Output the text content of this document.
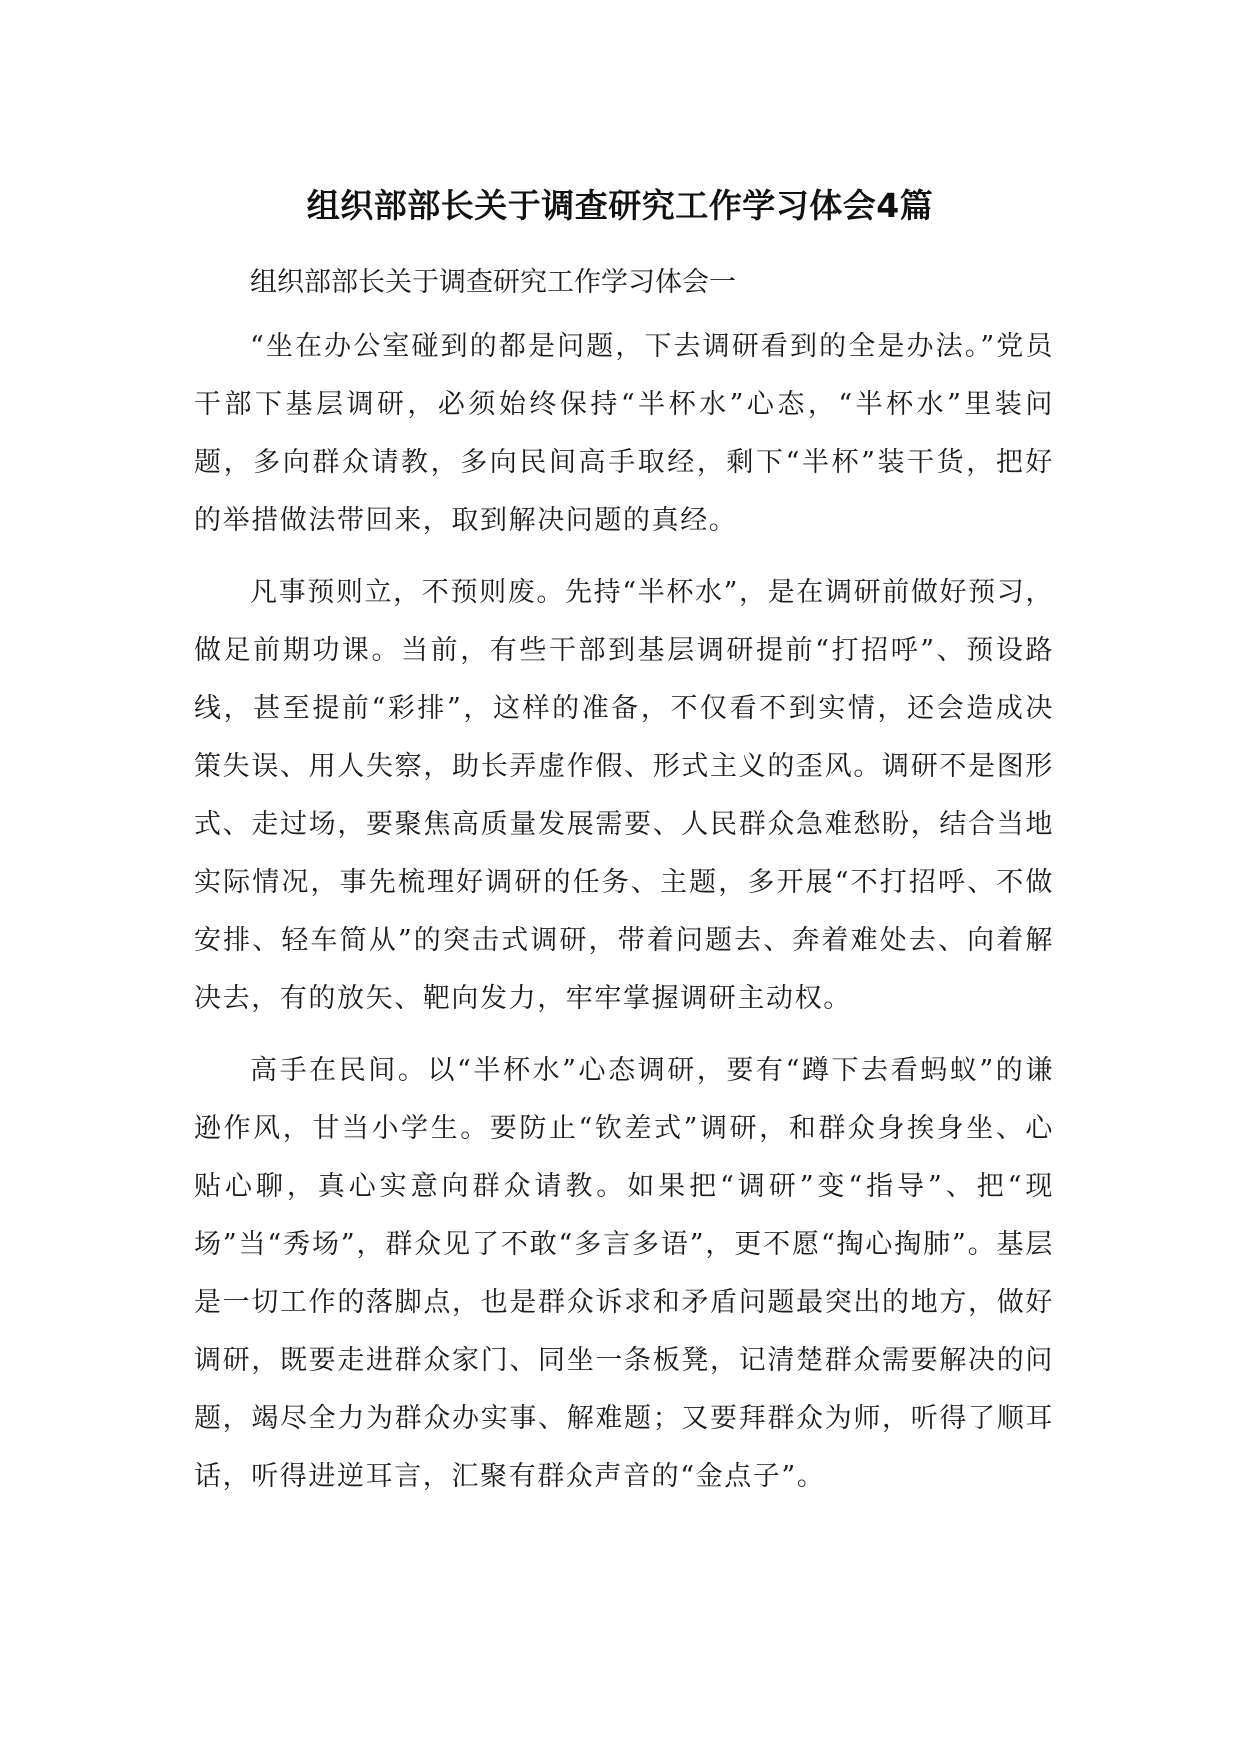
组织部部长关于调查研究工作学习体会4篇

组织部部长关于调查研究工作学习体会一

“坐在办公室碰到的都是问题，下去调研看到的全是办法。”党员干部下基层调研，必须始终保持“半杯水”心态，“半杯水”里装问题，多向群众请教，多向民间高手取经，剩下“半杯”装干货，把好的举措做法带回来，取到解决问题的真经。

凡事预则立，不预则废。先持“半杯水”，是在调研前做好预习，做足前期功课。当前，有些干部到基层调研提前“打招呼”、预设路线，甚至提前“彩排”，这样的准备，不仅看不到实情，还会造成决策失误、用人失察，助长弄虚作假、形式主义的歪风。调研不是图形式、走过场，要聚焦高质量发展需要、人民群众急难愁盼，结合当地实际情况，事先梳理好调研的任务、主题，多开展“不打招呼、不做安排、轻车简从”的突击式调研，带着问题去、奔着难处去、向着解决去，有的放矢、靶向发力，牢牢掌握调研主动权。

高手在民间。以“半杯水”心态调研，要有“蹲下去看蚂蚁”的谦逊作风，甘当小学生。要防止“钦差式”调研，和群众身挨身坐、心贴心聊，真心实意向群众请教。如果把“调研”变“指导”、把“现场”当“秀场”，群众见了不敢“多言多语”，更不愿“掏心掏肺”。基层是一切工作的落脚点，也是群众诉求和矛盾问题最突出的地方，做好调研，既要走进群众家门、同坐一条板凳，记清楚群众需要解决的问题，竭尽全力为群众办实事、解难题；又要拜群众为师，听得了顺耳话，听得进逆耳言，汇聚有群众声音的“金点子”。
